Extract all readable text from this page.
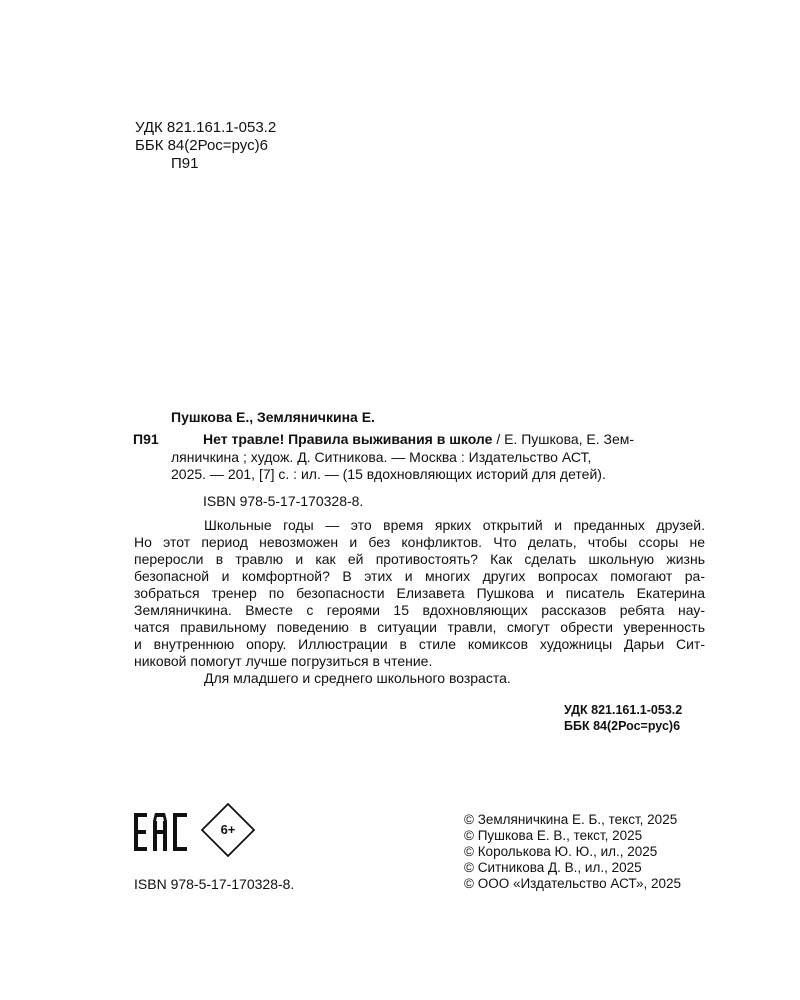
УДК 821.161.1-053.2
ББК 84(2Рос=рус)6
П91
Пушкова Е., Земляничкина Е.
П91	Нет травле! Правила выживания в школе / Е. Пушкова, Е. Зем-
ляничкина ; худож. Д. Ситникова. — Москва : Издательство АСТ,
2025. — 201, [7] с. : ил. — (15 вдохновляющих историй для детей).
ISBN 978-5-17-170328-8.
Школьные годы — это время ярких открытий и преданных друзей.
Но этот период невозможен и без конфликтов. Что делать, чтобы ссоры не
переросли в травлю и как ей противостоять? Как сделать школьную жизнь
безопасной и комфортной? В этих и многих других вопросах помогают ра-
зобраться тренер по безопасности Елизавета Пушкова и писатель Екатерина
Земляничкина. Вместе с героями 15 вдохновляющих рассказов ребята нау-
чатся правильному поведению в ситуации травли, смогут обрести уверенность
и внутреннюю опору. Иллюстрации в стиле комиксов художницы Дарьи Сит-
никовой помогут лучше погрузиться в чтение.
Для младшего и среднего школьного возраста.
УДК 821.161.1-053.2
ББК 84(2Рос=рус)6
6+
ISBN 978-5-17-170328-8.
© Земляничкина Е. Б., текст, 2025
© Пушкова Е. В., текст, 2025
© Королькова Ю. Ю., ил., 2025
© Ситникова Д. В., ил., 2025
© ООО «Издательство АСТ», 2025
